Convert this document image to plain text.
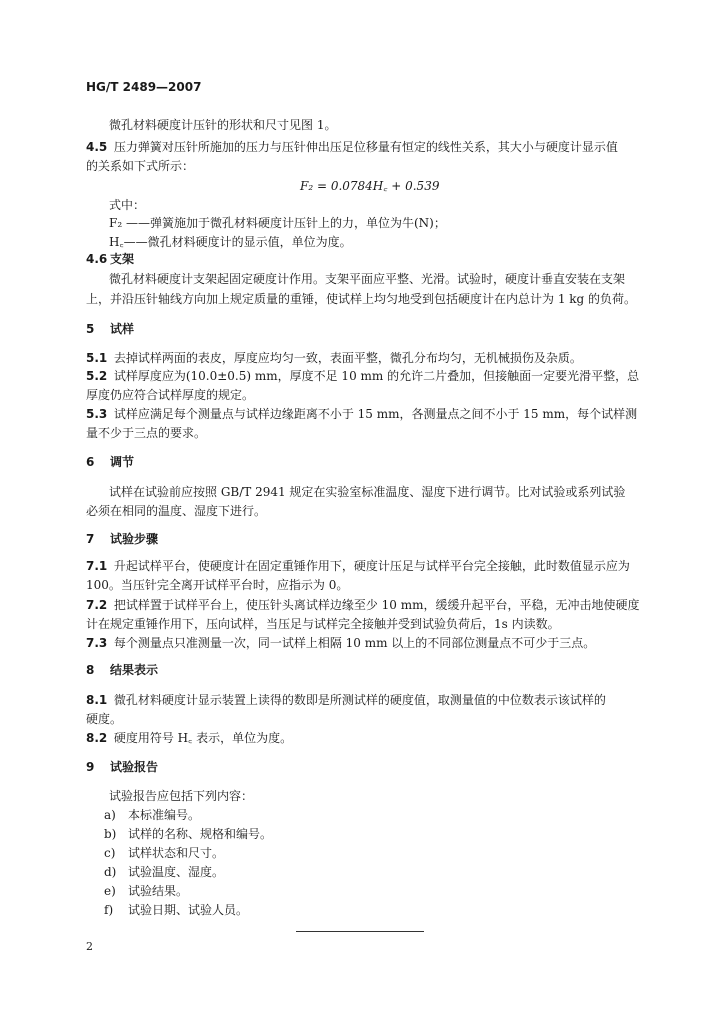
HG/T 2489—2007
微孔材料硬度计压针的形状和尺寸见图 1。
4.5 压力弹簧对压针所施加的压力与压针伸出压足位移量有恒定的线性关系，其大小与硬度计显示值
的关系如下式所示：
F₂ = 0.0784H꜀ + 0.539
式中：
F₂ ——弹簧施加于微孔材料硬度计压针上的力，单位为牛(N)；
H꜀——微孔材料硬度计的显示值，单位为度。
4.6 支架
微孔材料硬度计支架起固定硬度计作用。支架平面应平整、光滑。试验时，硬度计垂直安装在支架
上，并沿压针轴线方向加上规定质量的重锤，使试样上均匀地受到包括硬度计在内总计为 1 kg 的负荷。
5 试样
5.1 去掉试样两面的表皮，厚度应均匀一致，表面平整，微孔分布均匀，无机械损伤及杂质。
5.2 试样厚度应为(10.0±0.5) mm，厚度不足 10 mm 的允许二片叠加，但接触面一定要光滑平整，总
厚度仍应符合试样厚度的规定。
5.3 试样应满足每个测量点与试样边缘距离不小于 15 mm，各测量点之间不小于 15 mm，每个试样测
量不少于三点的要求。
6 调节
试样在试验前应按照 GB/T 2941 规定在实验室标准温度、湿度下进行调节。比对试验或系列试验
必须在相同的温度、湿度下进行。
7 试验步骤
7.1 升起试样平台，使硬度计在固定重锤作用下，硬度计压足与试样平台完全接触，此时数值显示应为
100。当压针完全离开试样平台时，应指示为 0。
7.2 把试样置于试样平台上，使压针头离试样边缘至少 10 mm，缓缓升起平台，平稳，无冲击地使硬度
计在规定重锤作用下，压向试样，当压足与试样完全接触并受到试验负荷后，1s 内读数。
7.3 每个测量点只准测量一次，同一试样上相隔 10 mm 以上的不同部位测量点不可少于三点。
8 结果表示
8.1 微孔材料硬度计显示装置上读得的数即是所测试样的硬度值，取测量值的中位数表示该试样的
硬度。
8.2 硬度用符号 H꜀ 表示，单位为度。
9 试验报告
试验报告应包括下列内容：
a) 本标准编号。
b) 试样的名称、规格和编号。
c) 试样状态和尺寸。
d) 试验温度、湿度。
e) 试验结果。
f) 试验日期、试验人员。
2
